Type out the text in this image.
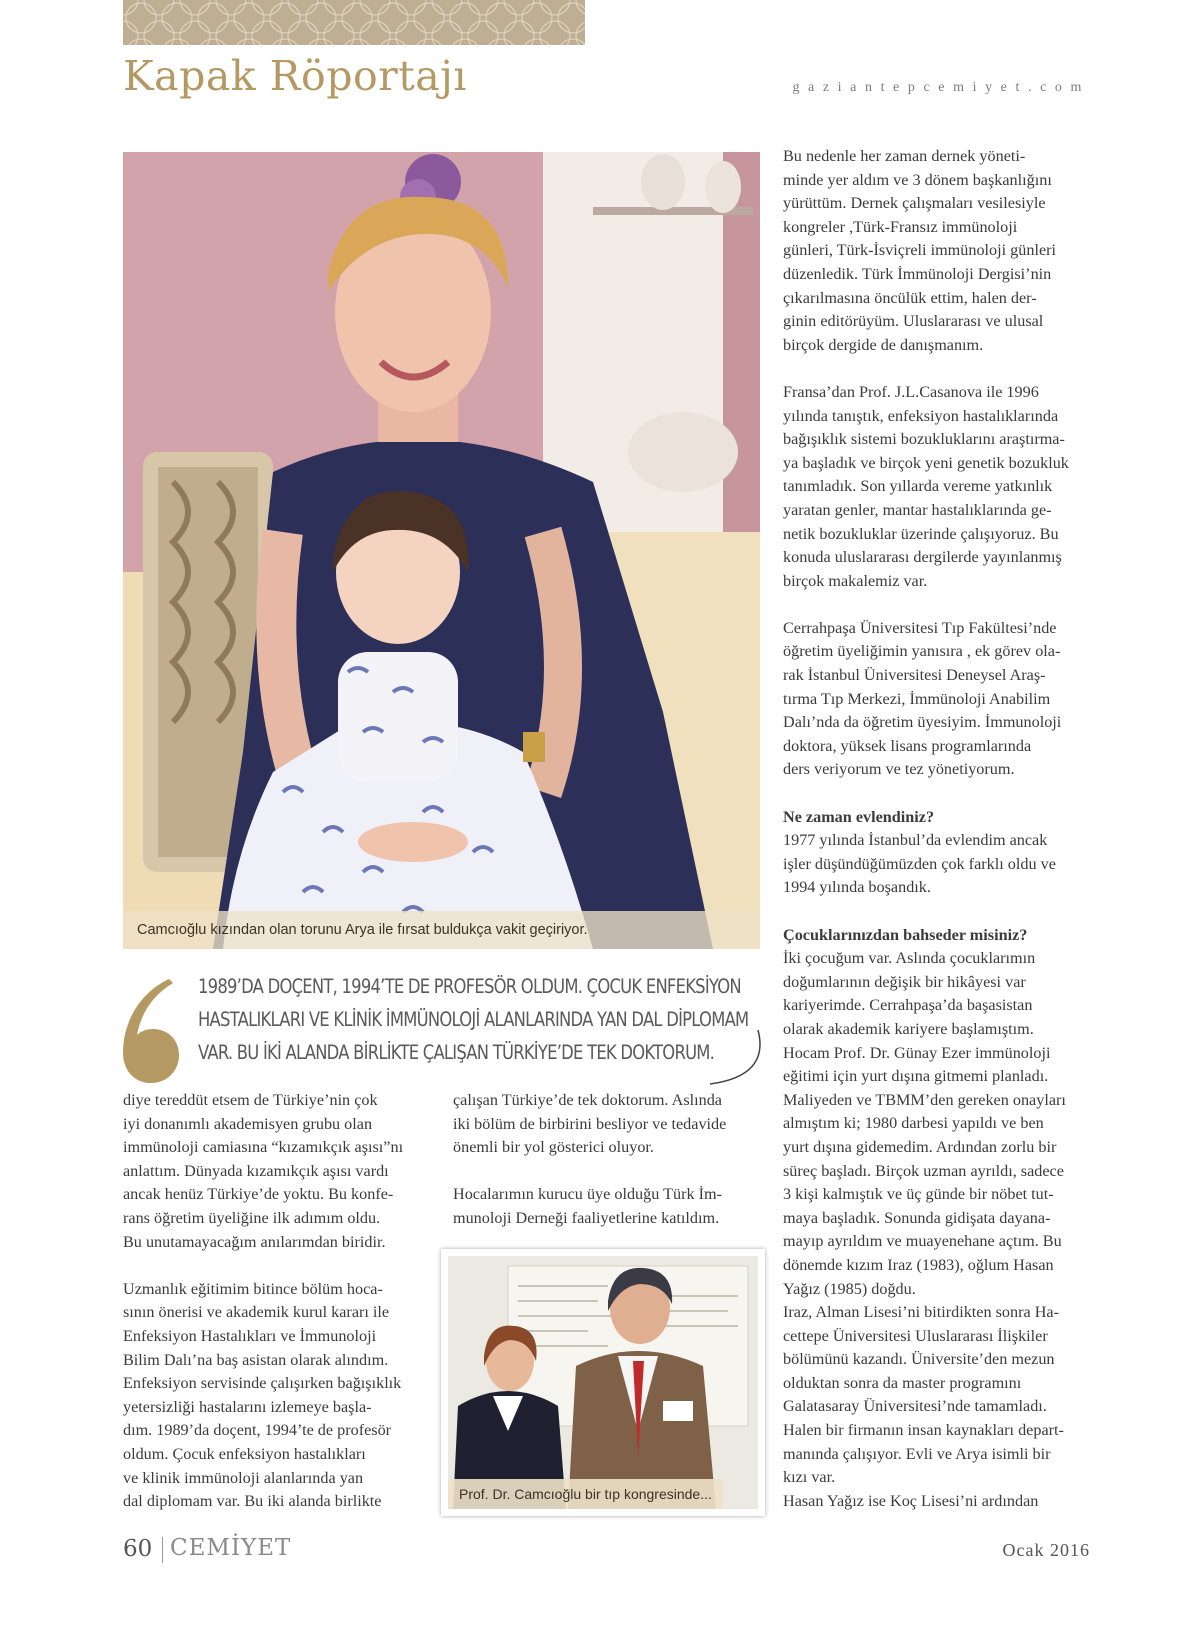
Kapak Röportajı	gaziantepcemiyet.com
Camcıoğlu kızından olan torunu Arya ile fırsat buldukça vakit geçiriyor.

1989’DA DOÇENT, 1994’TE DE PROFESÖR OLDUM. ÇOCUK ENFEKSİYON

HASTALIKLARI VE KLİNİK İMMÜNOLOJİ ALANLARINDA YAN DAL DİPLOMAM

VAR. BU İKİ ALANDA BİRLİKTE ÇALIŞAN TÜRKİYE’DE TEK DOKTORUM.

diye tereddüt etsem de Türkiye’nin çok

iyi donanımlı akademisyen grubu olan

immünoloji camiasına “kızamıkçık aşısı”nı

anlattım. Dünyada kızamıkçık aşısı vardı

ancak henüz Türkiye’de yoktu. Bu konfe-

rans öğretim üyeliğine ilk adımım oldu.

Bu unutamayacağım anılarımdan biridir.

Uzmanlık eğitimim bitince bölüm hoca-

sının önerisi ve akademik kurul kararı ile

Enfeksiyon Hastalıkları ve İmmunoloji

Bilim Dalı’na baş asistan olarak alındım.

Enfeksiyon servisinde çalışırken bağışıklık

yetersizliği hastalarını izlemeye başla-

dım. 1989’da doçent, 1994’te de profesör

oldum. Çocuk enfeksiyon hastalıkları

ve klinik immünoloji alanlarında yan

dal diplomam var. Bu iki alanda birlikte

çalışan Türkiye’de tek doktorum. Aslında

iki bölüm de birbirini besliyor ve tedavide

önemli bir yol gösterici oluyor.

Hocalarımın kurucu üye olduğu Türk İm-

munoloji Derneği faaliyetlerine katıldım.

Prof. Dr. Camcıoğlu bir tıp kongresinde...

Bu nedenle her zaman dernek yöneti-

minde yer aldım ve 3 dönem başkanlığını

yürüttüm. Dernek çalışmaları vesilesiyle

kongreler ,Türk-Fransız immünoloji

günleri, Türk-İsviçreli immünoloji günleri

düzenledik. Türk İmmünoloji Dergisi’nin

çıkarılmasına öncülük ettim, halen der-

ginin editörüyüm. Uluslararası ve ulusal

birçok dergide de danışmanım.

Fransa’dan Prof. J.L.Casanova ile 1996

yılında tanıştık, enfeksiyon hastalıklarında

bağışıklık sistemi bozukluklarını araştırma-

ya başladık ve birçok yeni genetik bozukluk

tanımladık. Son yıllarda vereme yatkınlık

yaratan genler, mantar hastalıklarında ge-

netik bozukluklar üzerinde çalışıyoruz. Bu

konuda uluslararası dergilerde yayınlanmış

birçok makalemiz var.

Cerrahpaşa Üniversitesi Tıp Fakültesi’nde

öğretim üyeliğimin yanısıra , ek görev ola-

rak İstanbul Üniversitesi Deneysel Araş-

tırma Tıp Merkezi, İmmünoloji Anabilim

Dalı’nda da öğretim üyesiyim. İmmunoloji

doktora, yüksek lisans programlarında

ders veriyorum ve tez yönetiyorum.

Ne zaman evlendiniz?

1977 yılında İstanbul’da evlendim ancak

işler düşündüğümüzden çok farklı oldu ve

1994 yılında boşandık.

Çocuklarınızdan bahseder misiniz?

İki çocuğum var. Aslında çocuklarımın

doğumlarının değişik bir hikâyesi var

kariyerimde. Cerrahpaşa’da başasistan

olarak akademik kariyere başlamıştım.

Hocam Prof. Dr. Günay Ezer immünoloji

eğitimi için yurt dışına gitmemi planladı.

Maliyeden ve TBMM’den gereken onayları

almıştım ki; 1980 darbesi yapıldı ve ben

yurt dışına gidemedim. Ardından zorlu bir

süreç başladı. Birçok uzman ayrıldı, sadece

3 kişi kalmıştık ve üç günde bir nöbet tut-

maya başladık. Sonunda gidişata dayana-

mayıp ayrıldım ve muayenehane açtım. Bu

dönemde kızım Iraz (1983), oğlum Hasan

Yağız (1985) doğdu.

Iraz, Alman Lisesi’ni bitirdikten sonra Ha-

cettepe Üniversitesi Uluslararası İlişkiler

bölümünü kazandı. Üniversite’den mezun

olduktan sonra da master programını

Galatasaray Üniversitesi’nde tamamladı.

Halen bir firmanın insan kaynakları depart-

manında çalışıyor. Evli ve Arya isimli bir

kızı var.

Hasan Yağız ise Koç Lisesi’ni ardından

60 CEMİYET	Ocak 2016
